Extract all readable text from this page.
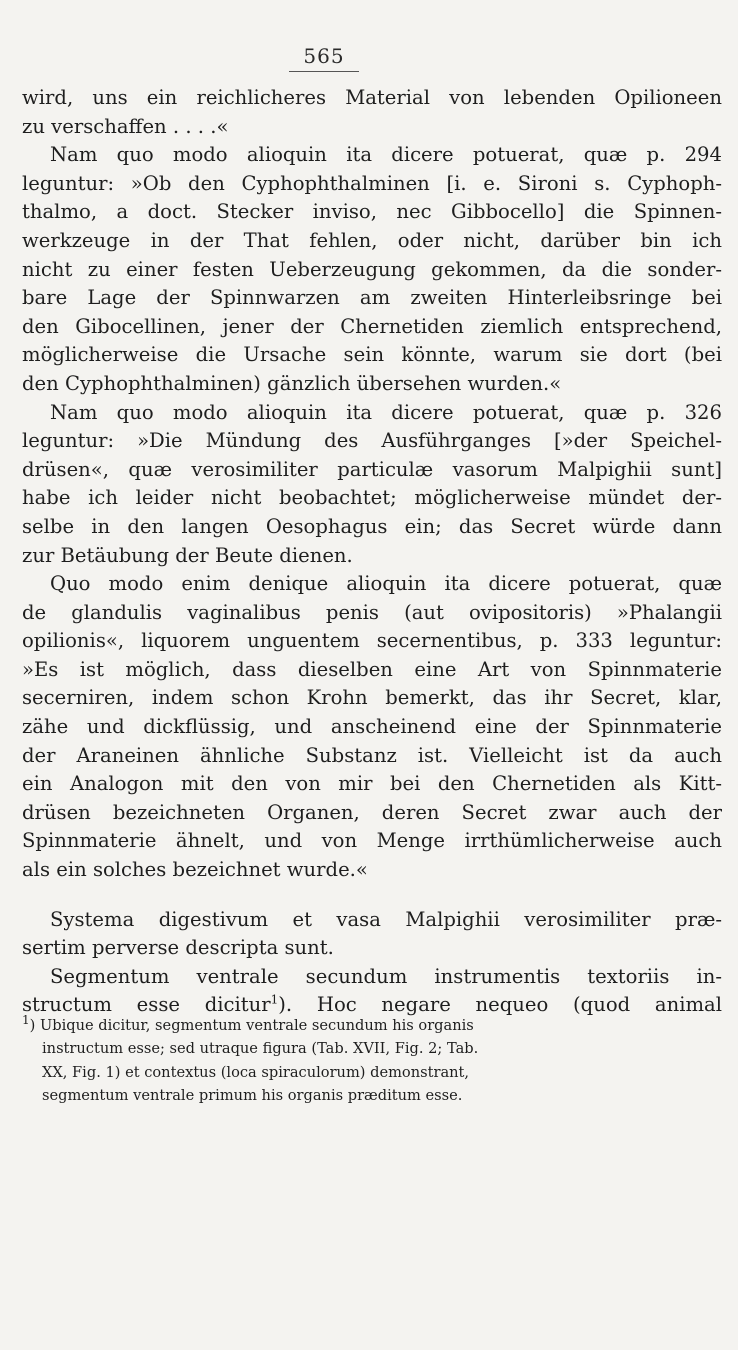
565
wird, uns ein reichlicheres Material von lebenden Opilioneen
zu verschaffen . . . .«
Nam quo modo alioquin ita dicere potuerat, quæ p. 294
leguntur: »Ob den Cyphophthalminen [i. e. Sironi s. Cyphoph-
thalmo, a doct. Stecker inviso, nec Gibbocello] die Spinnen-
werkzeuge in der That fehlen, oder nicht, darüber bin ich
nicht zu einer festen Ueberzeugung gekommen, da die sonder-
bare Lage der Spinnwarzen am zweiten Hinterleibsringe bei
den Gibocellinen, jener der Chernetiden ziemlich entsprechend,
möglicherweise die Ursache sein könnte, warum sie dort (bei
den Cyphophthalminen) gänzlich übersehen wurden.«
Nam quo modo alioquin ita dicere potuerat, quæ p. 326
leguntur: »Die Mündung des Ausführganges [»der Speichel-
drüsen«, quæ verosimiliter particulæ vasorum Malpighii sunt]
habe ich leider nicht beobachtet; möglicherweise mündet der-
selbe in den langen Oesophagus ein; das Secret würde dann
zur Betäubung der Beute dienen.
Quo modo enim denique alioquin ita dicere potuerat, quæ
de glandulis vaginalibus penis (aut ovipositoris) »Phalangii
opilionis«, liquorem unguentem secernentibus, p. 333 leguntur:
»Es ist möglich, dass dieselben eine Art von Spinnmaterie
secerniren, indem schon Krohn bemerkt, das ihr Secret, klar,
zähe und dickflüssig, und anscheinend eine der Spinnmaterie
der Araneinen ähnliche Substanz ist. Vielleicht ist da auch
ein Analogon mit den von mir bei den Chernetiden als Kitt-
drüsen bezeichneten Organen, deren Secret zwar auch der
Spinnmaterie ähnelt, und von Menge irrthümlicherweise auch
als ein solches bezeichnet wurde.«
Systema digestivum et vasa Malpighii verosimiliter præ-
sertim perverse descripta sunt.
Segmentum ventrale secundum instrumentis textoriis in-
structum esse dicitur$^1$). Hoc negare nequeo (quod animal
$^1$) Ubique dicitur, segmentum ventrale secundum his organis
instructum esse; sed utraque figura (Tab. XVII, Fig. 2; Tab.
XX, Fig. 1) et contextus (loca spiraculorum) demonstrant,
segmentum ventrale primum his organis præditum esse.
